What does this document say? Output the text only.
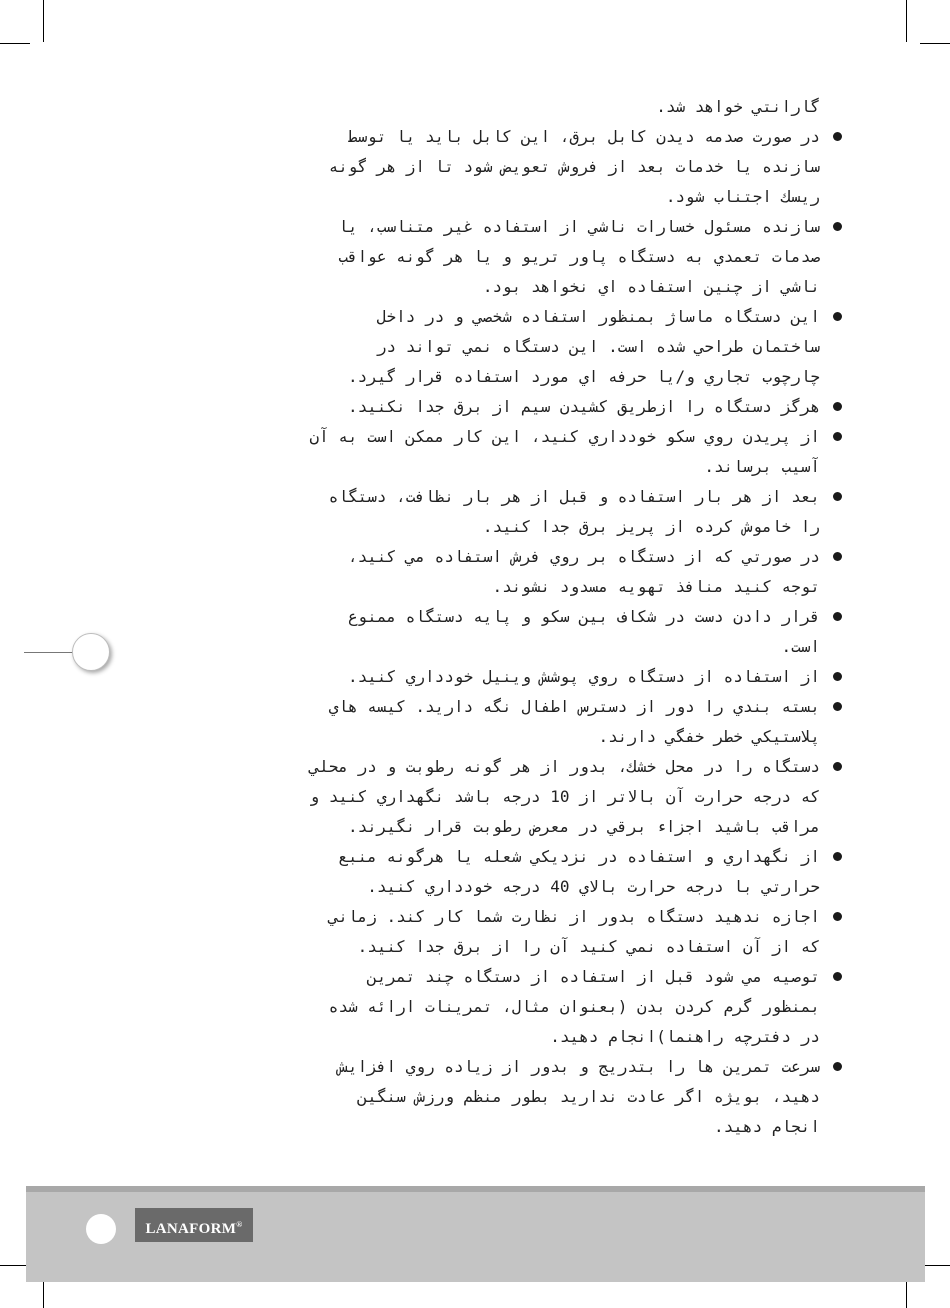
گارانتي خواهد شد.

در صورت صدمه ديدن كابل برق، اين كابل بايد يا توسط

سازنده يا خدمات بعد از فروش تعويض شود تا از هر گونه

ريسك اجتناب شود.

سازنده مسئول خسارات ناشي از استفاده غير متناسب، يا

صدمات تعمدي به دستگاه پاور تريو و يا هر گونه عواقب

ناشي از چنين استفاده اي نخواهد بود.

اين دستگاه ماساژ بمنظور استفاده شخصي و در داخل

ساختمان طراحي شده است. اين دستگاه نمي تواند در

چارچوب تجاري و/يا حرفه اي مورد استفاده قرار گيرد.

هرگز دستگاه را ازطريق كشيدن سيم از برق جدا نكنيد.

از پريدن روي سكو خودداري كنيد، اين كار ممكن است به آن

آسيب برساند.

بعد از هر بار استفاده و قبل از هر بار نظافت، دستگاه

را خاموش كرده از پريز برق جدا كنيد.

در صورتي كه از دستگاه بر روي فرش استفاده مي كنيد،

توجه كنيد منافذ تهويه مسدود نشوند.

قرار دادن دست در شكاف بين سكو و پايه دستگاه ممنوع

است.

از استفاده از دستگاه روي پوشش وينيل خودداري كنيد.

بسته بندي را دور از دسترس اطفال نگه داريد. كيسه هاي

پلاستيكي خطر خفگي دارند.

دستگاه را در محل خشك، بدور از هر گونه رطوبت و در محلي

كه درجه حرارت آن بالاتر از 10 درجه باشد نگهداري كنيد و

مراقب باشيد اجزاء برقي در معرض رطوبت قرار نگيرند.

از نگهداري و استفاده در نزديكي شعله يا هرگونه منبع

حرارتي با درجه حرارت بالاي 40 درجه خودداري كنيد.

اجازه ندهيد دستگاه بدور از نظارت شما كار كند. زماني

كه از آن استفاده نمي كنيد آن را از برق جدا كنيد.

توصيه مي شود قبل از استفاده از دستگاه چند تمرين

بمنظور گرم كردن بدن (بعنوان مثال، تمرينات ارائه شده

در دفترچه راهنما)انجام دهيد.

سرعت تمرين ها را بتدريج و بدور از زياده روي افزايش

دهيد، بويژه اگر عادت نداريد بطور منظم ورزش سنگين

انجام دهيد.

LANAFORM®
